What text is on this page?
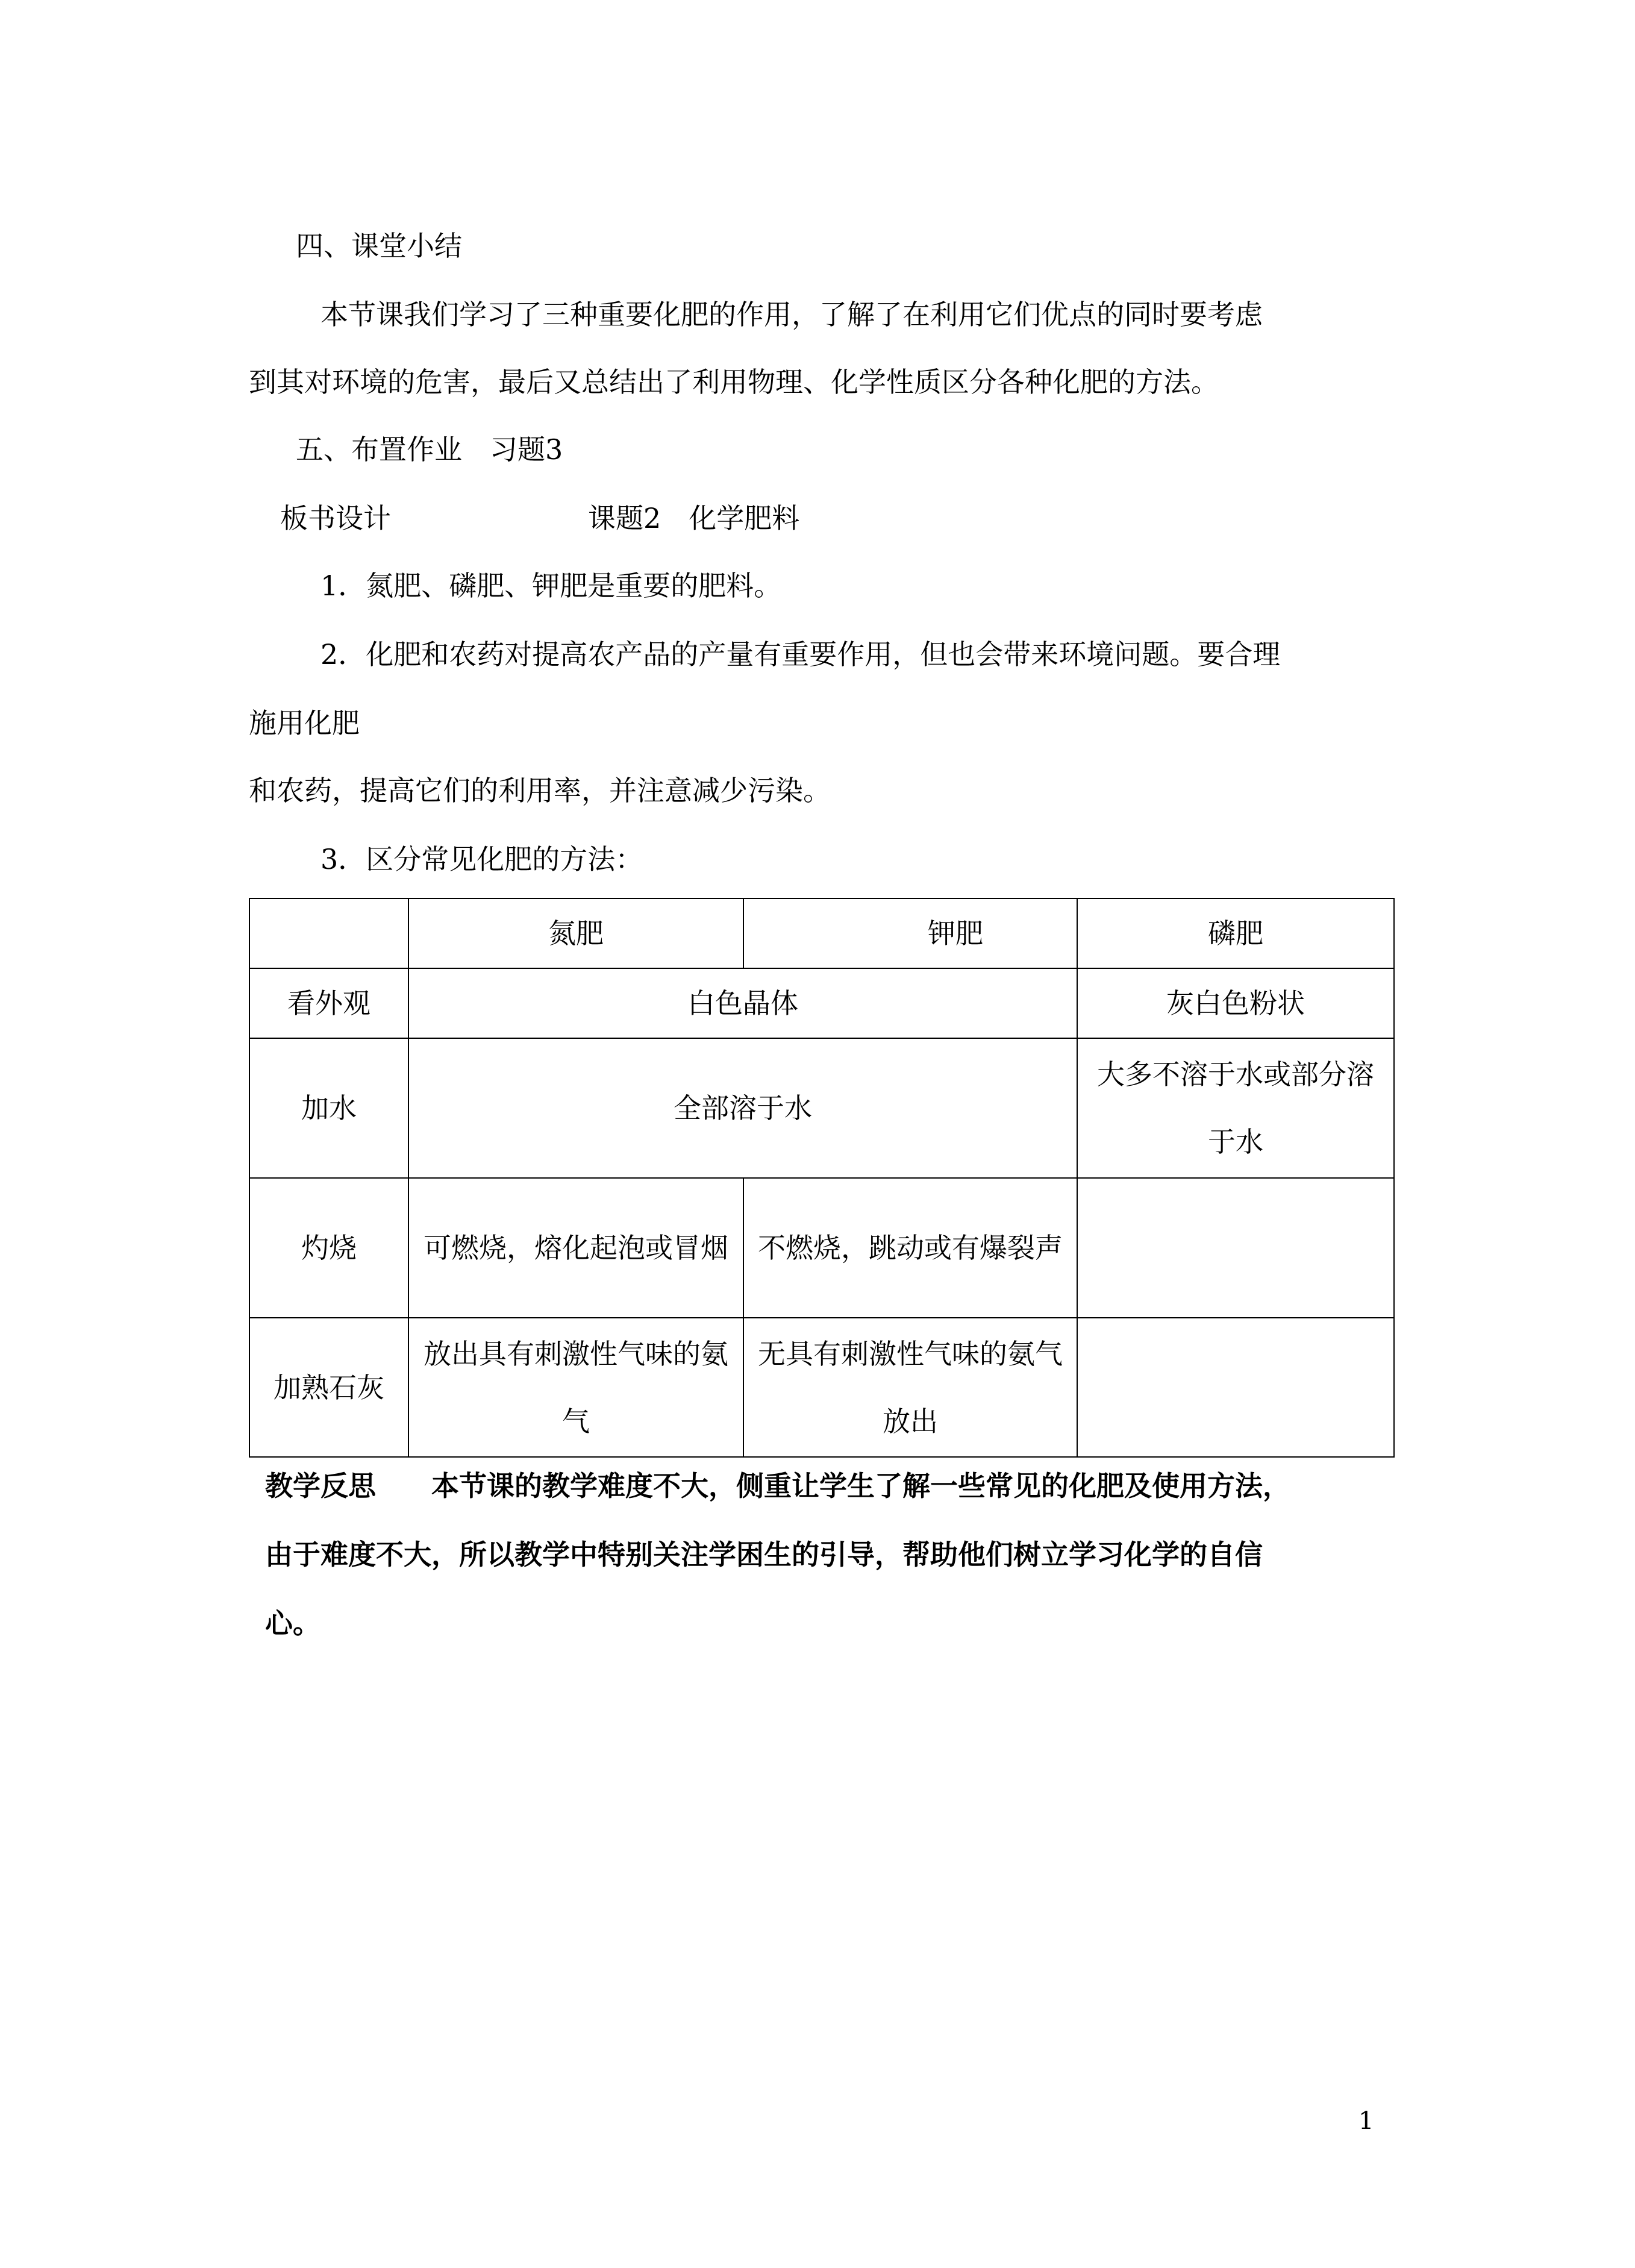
四、课堂小结
本节课我们学习了三种重要化肥的作用，了解了在利用它们优点的同时要考虑
到其对环境的危害，最后又总结出了利用物理、化学性质区分各种化肥的方法。
五、布置作业　习题3
板书设计	课题2　化学肥料
1．氮肥、磷肥、钾肥是重要的肥料。
2．化肥和农药对提高农产品的产量有重要作用，但也会带来环境问题。要合理
施用化肥
和农药，提高它们的利用率，并注意减少污染。
3．区分常见化肥的方法：
	氮肥	钾肥	磷肥
看外观	白色晶体		灰白色粉状
加水	全部溶于水		大多不溶于水或部分溶于水
灼烧	可燃烧，熔化起泡或冒烟	不燃烧，跳动或有爆裂声	
加熟石灰	放出具有刺激性气味的氨气	无具有刺激性气味的氨气放出	
教学反思　　本节课的教学难度不大，侧重让学生了解一些常见的化肥及使用方法，
由于难度不大，所以教学中特别关注学困生的引导，帮助他们树立学习化学的自信
心。
1
